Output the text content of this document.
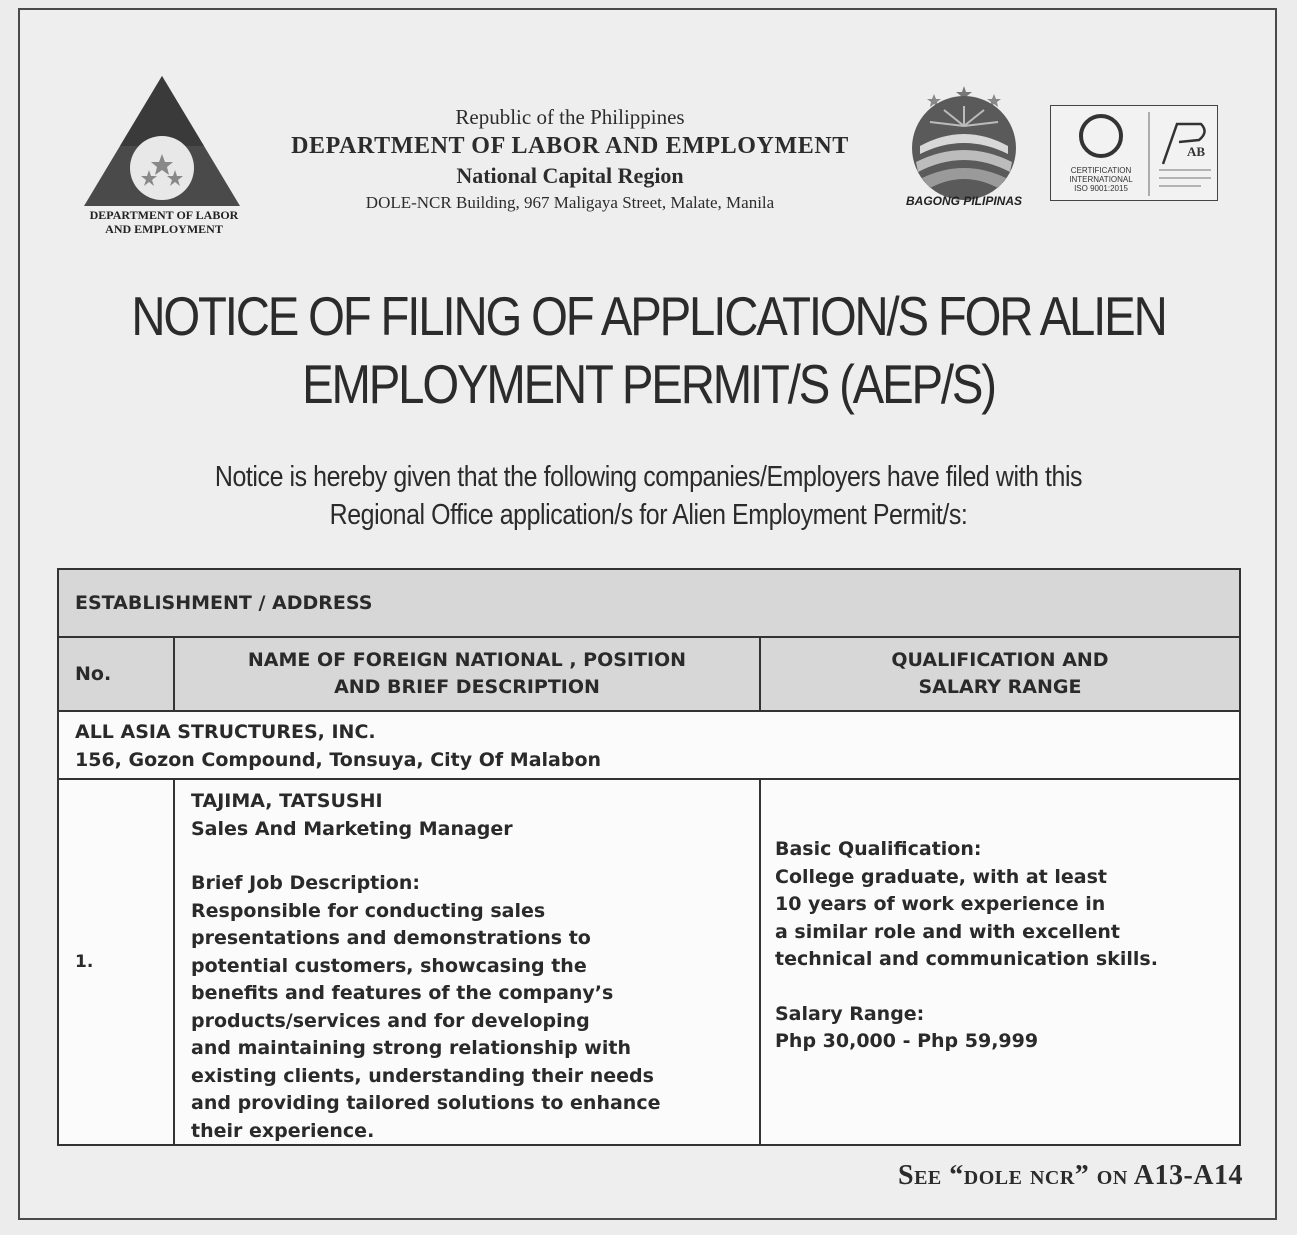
DEPARTMENT OF LABOR
AND EMPLOYMENT
Republic of the Philippines
DEPARTMENT OF LABOR AND EMPLOYMENT
National Capital Region
DOLE-NCR Building, 967 Maligaya Street, Malate, Manila	BAGONG PILIPINAS
AB
CERTIFICATION
INTERNATIONAL
ISO 9001:2015
NOTICE OF FILING OF APPLICATION/S FOR ALIEN
EMPLOYMENT PERMIT/S (AEP/S)
Notice is hereby given that the following companies/Employers have filed with this
Regional Office application/s for Alien Employment Permit/s:
ESTABLISHMENT / ADDRESS
No.
NAME OF FOREIGN NATIONAL , POSITION
AND BRIEF DESCRIPTION
QUALIFICATION AND
SALARY RANGE
ALL ASIA STRUCTURES, INC.
156, Gozon Compound, Tonsuya, City Of Malabon
1.
TAJIMA, TATSUSHI
Sales And Marketing Manager
Brief Job Description:
Responsible for conducting sales
presentations and demonstrations to
potential customers, showcasing the
benefits and features of the company’s
products/services and for developing
and maintaining strong relationship with
existing clients, understanding their needs
and providing tailored solutions to enhance
their experience.
Basic Qualification:
College graduate, with at least
10 years of work experience in
a similar role and with excellent
technical and communication skills.
Salary Range:
Php 30,000 - Php 59,999
See “dole ncr” on A13-A14
